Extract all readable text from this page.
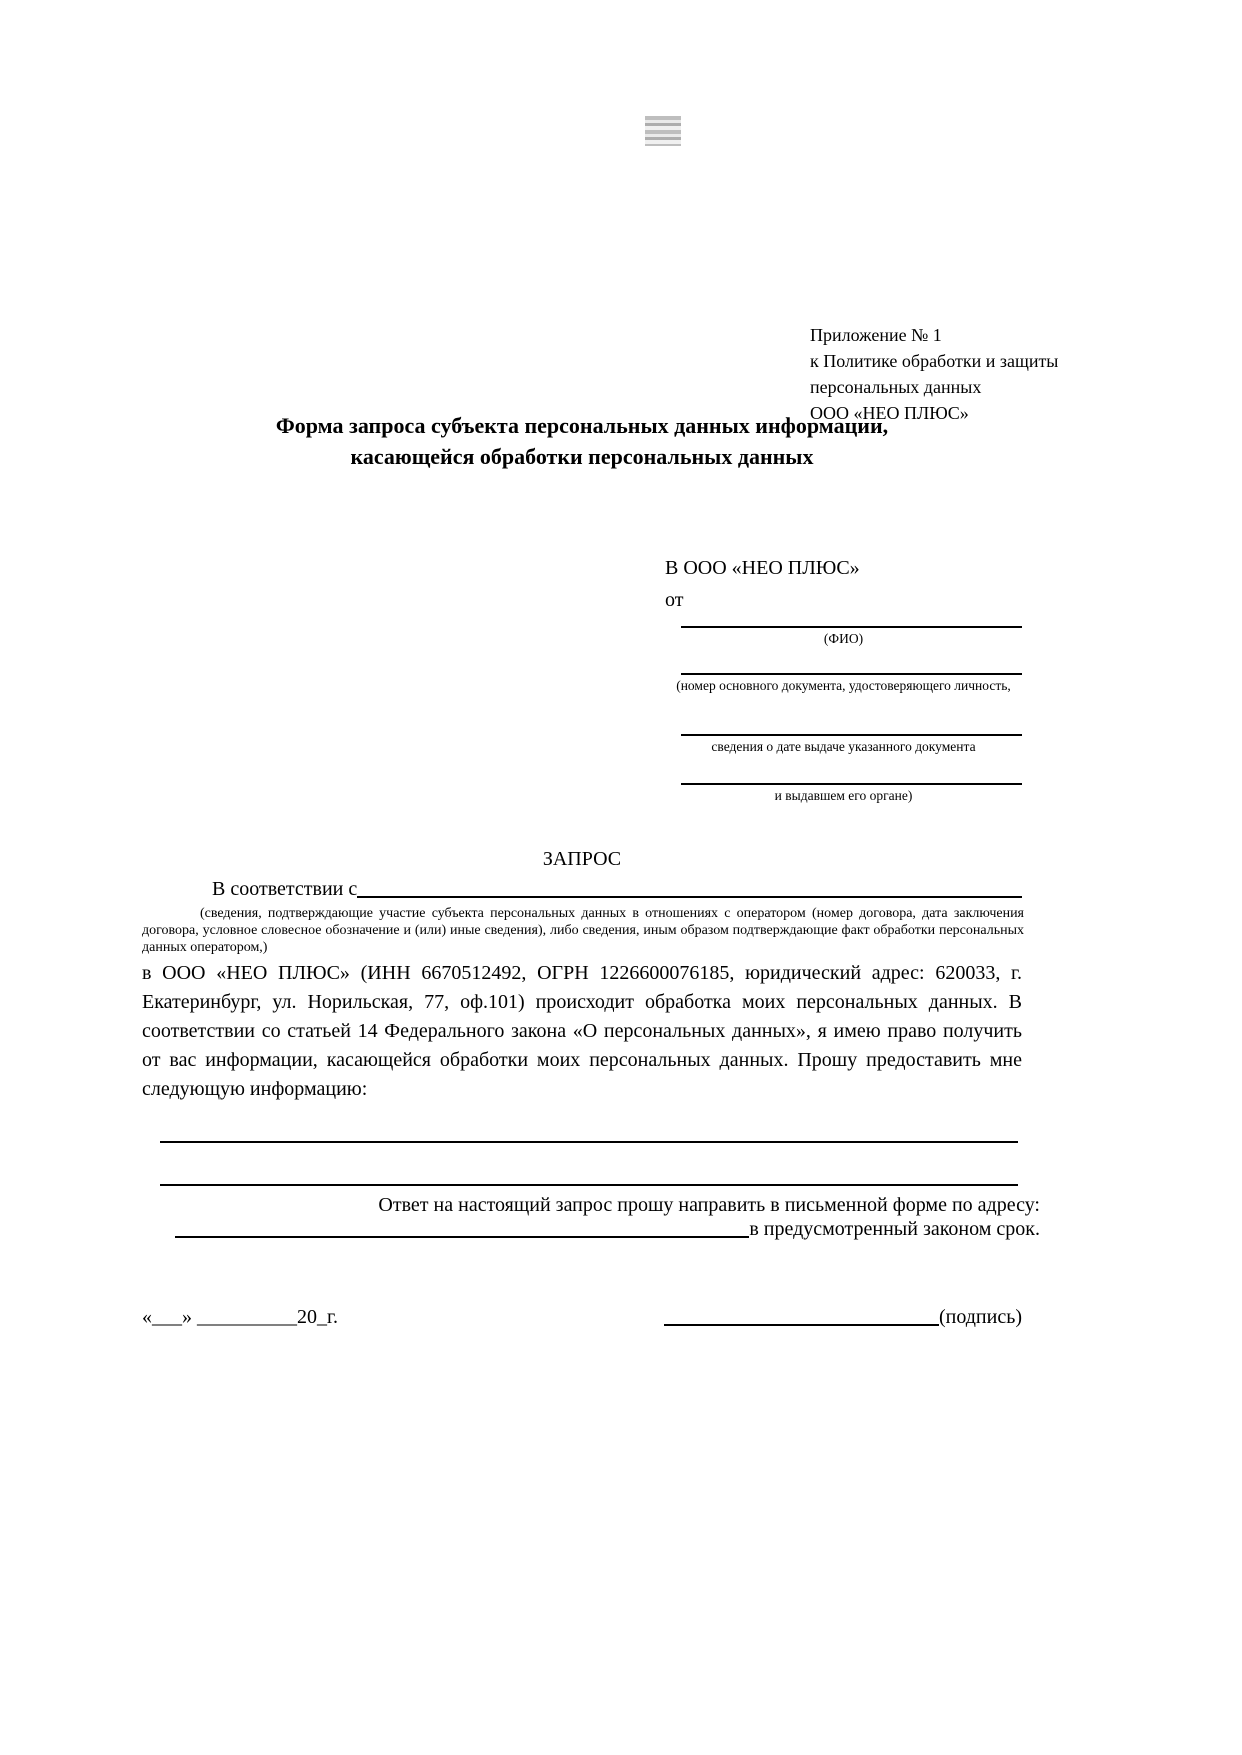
Приложение № 1
к Политике обработки и защиты
персональных данных
ООО «НЕО ПЛЮС»
Форма запроса субъекта персональных данных информации,
касающейся обработки персональных данных
В ООО «НЕО ПЛЮС»
от
(ФИО)
(номер основного документа, удостоверяющего личность,
сведения о дате выдаче указанного документа
и выдавшем его органе)
ЗАПРОС
В соответствии с
(сведения, подтверждающие участие субъекта персональных данных в отношениях с оператором (номер договора, дата заключения договора, условное словесное обозначение и (или) иные сведения), либо сведения, иным образом подтверждающие факт обработки персональных данных оператором,)
в ООО «НЕО ПЛЮС» (ИНН 6670512492, ОГРН 1226600076185, юридический адрес: 620033, г. Екатеринбург, ул. Норильская, 77, оф.101) происходит обработка моих персональных данных. В соответствии со статьей 14 Федерального закона «О персональных данных», я имею право получить от вас информации, касающейся обработки моих персональных данных. Прошу предоставить мне следующую информацию:
Ответ на настоящий запрос прошу направить в письменной форме по адресу:
в предусмотренный законом срок.
«___» __________20_г.	(подпись)
